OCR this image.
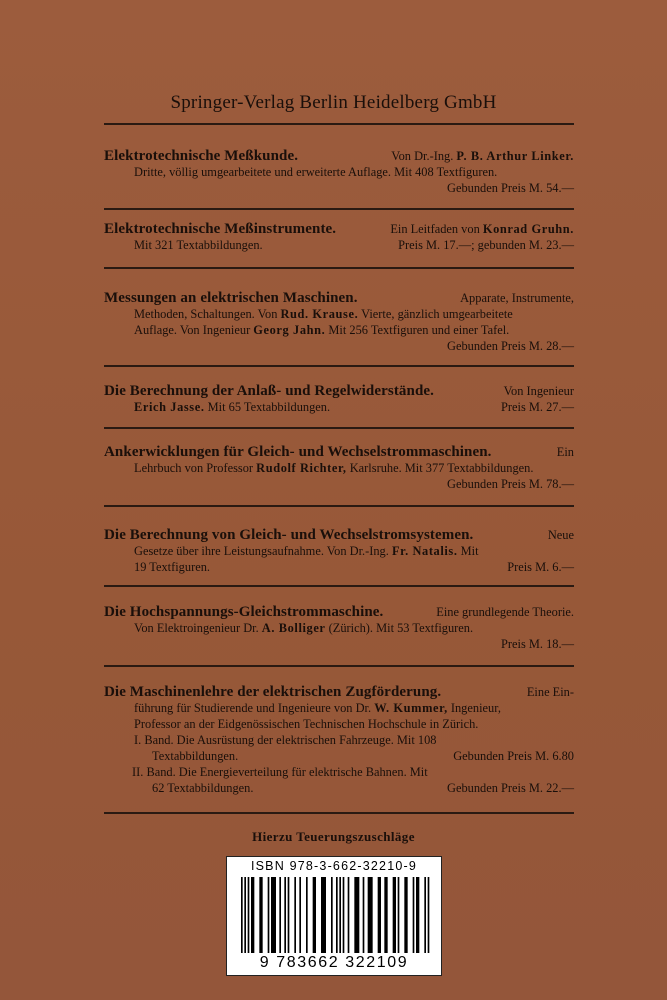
Springer-Verlag Berlin Heidelberg GmbH
Elektrotechnische Meßkunde.	Von Dr.-Ing. P. B. Arthur Linker.
Dritte, völlig umgearbeitete und erweiterte Auflage. Mit 408 Textfiguren.
Gebunden Preis M. 54.—
Elektrotechnische Meßinstrumente.	Ein Leitfaden von Konrad Gruhn.
Mit 321 Textabbildungen.	Preis M. 17.—; gebunden M. 23.—
Messungen an elektrischen Maschinen.	Apparate, Instrumente,
Methoden, Schaltungen. Von Rud. Krause. Vierte, gänzlich umgearbeitete
Auflage. Von Ingenieur Georg Jahn. Mit 256 Textfiguren und einer Tafel.
Gebunden Preis M. 28.—
Die Berechnung der Anlaß- und Regelwiderstände.	Von Ingenieur
Erich Jasse. Mit 65 Textabbildungen.	Preis M. 27.—
Ankerwicklungen für Gleich- und Wechselstrommaschinen.	Ein
Lehrbuch von Professor Rudolf Richter, Karlsruhe. Mit 377 Textabbildungen.
Gebunden Preis M. 78.—
Die Berechnung von Gleich- und Wechselstromsystemen.	Neue
Gesetze über ihre Leistungsaufnahme. Von Dr.-Ing. Fr. Natalis. Mit
19 Textfiguren.	Preis M. 6.—
Die Hochspannungs-Gleichstrommaschine.	Eine grundlegende Theorie.
Von Elektroingenieur Dr. A. Bolliger (Zürich). Mit 53 Textfiguren.
Preis M. 18.—
Die Maschinenlehre der elektrischen Zugförderung.	Eine Ein-
führung für Studierende und Ingenieure von Dr. W. Kummer, Ingenieur,
Professor an der Eidgenössischen Technischen Hochschule in Zürich.
I. Band. Die Ausrüstung der elektrischen Fahrzeuge. Mit 108
Textabbildungen.	Gebunden Preis M. 6.80
II. Band. Die Energieverteilung für elektrische Bahnen. Mit
62 Textabbildungen.	Gebunden Preis M. 22.—
Hierzu Teuerungszuschläge
ISBN 978-3-662-32210-9
9 783662 322109
